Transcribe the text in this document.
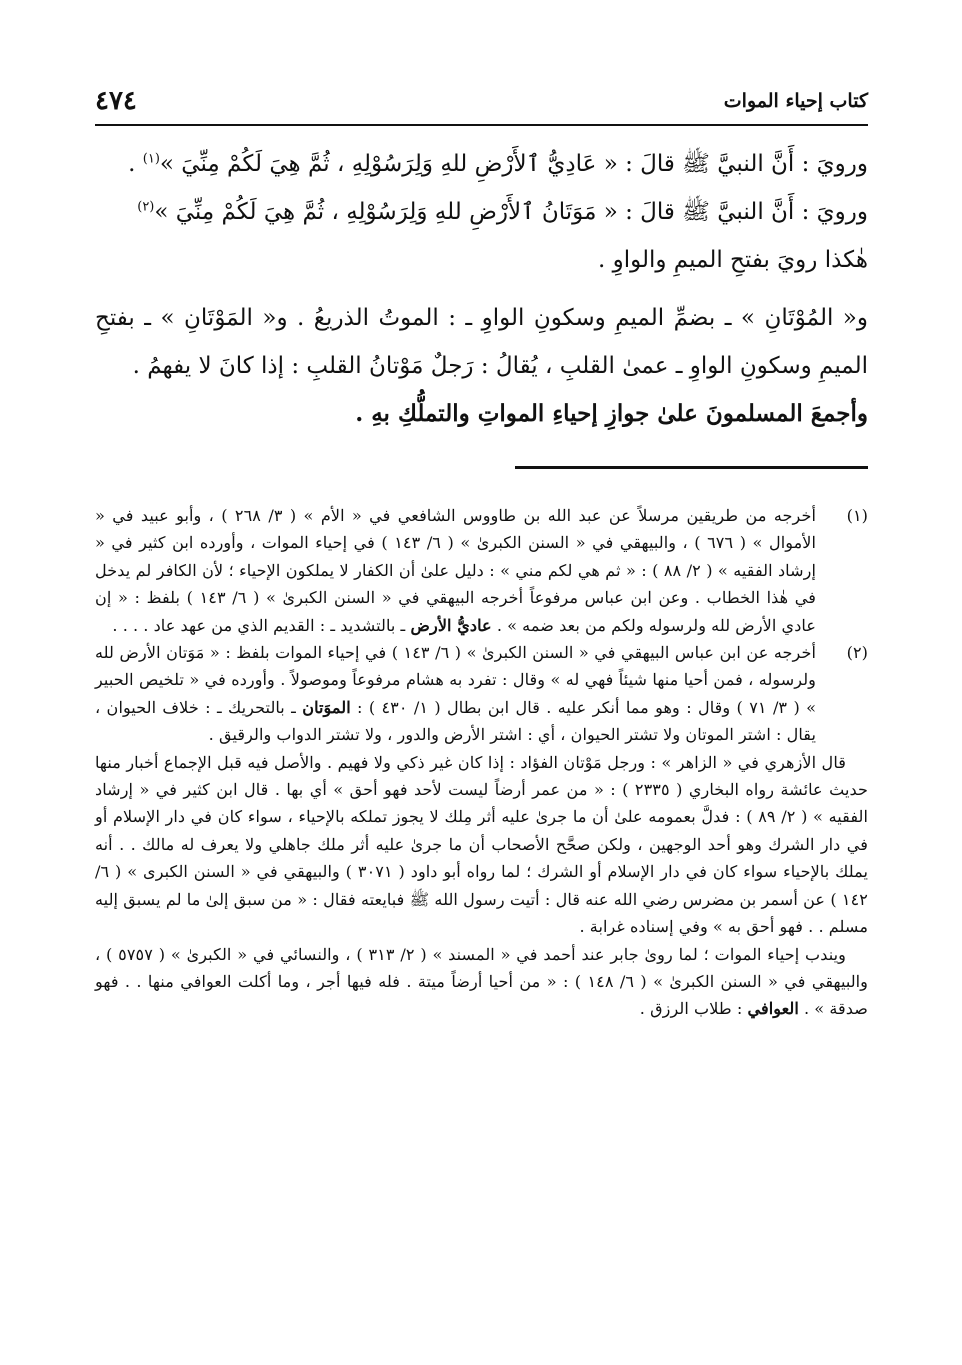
كتاب إحياء الموات
٤٧٤

ورويَ : أَنَّ النبيَّ ﷺ قالَ : « عَادِيُّ ٱلأَرْضِ للهِ وَلِرَسُوْلِهِ ، ثُمَّ هِيَ لَكُمْ مِنِّيَ »$^{(١)}$ .

ورويَ : أَنَّ النبيَّ ﷺ قالَ : « مَوَتَانُ ٱلأَرْضِ للهِ وَلِرَسُوْلِهِ ، ثُمَّ هِيَ لَكُمْ مِنِّيَ »$^{(٢)}$
هٰكذا رويَ بفتحِ الميمِ والواوِ .

و« المُوْتَانِ » ـ بضمِّ الميمِ وسكونِ الواوِ ـ : الموتُ الذريعُ . و« المَوْتَانِ » ـ بفتحِ الميمِ وسكونِ الواوِ ـ عمىٰ القلبِ ، يُقالُ : رَجلٌ مَوْتانُ القلبِ : إذا كانَ لا يفهمُ .

وأجمعَ المسلمونَ علىٰ جوازِ إحياءِ المواتِ والتملُّكِ بهِ .

(١)

أخرجه من طريقين مرسلاً عن عبد الله بن طاووس الشافعي في « الأم » ( ٣/ ٢٦٨ ) ، وأبو عبيد في « الأموال » ( ٦٧٦ ) ، والبيهقي في « السنن الكبرىٰ » ( ٦/ ١٤٣ ) في إحياء الموات ، وأورده ابن كثير في « إرشاد الفقيه » ( ٢/ ٨٨ ) : « ثم هي لكم مني » : دليل علىٰ أن الكفار لا يملكون الإحياء ؛ لأن الكافر لم يدخل في هٰذا الخطاب . وعن ابن عباس مرفوعاً أخرجه البيهقي في « السنن الكبرىٰ » ( ٦/ ١٤٣ ) بلفظ : « إن عادي الأرض لله ولرسوله ولكم من بعد ضمه » . عاديُّ الأرض ـ بالتشديد ـ : القديم الذي من عهد عاد . . . .

(٢)

أخرجه عن ابن عباس البيهقي في « السنن الكبرىٰ » ( ٦/ ١٤٣ ) في إحياء الموات بلفظ : « مَوَتان الأرض لله ولرسوله ، فمن أحيا منها شيئاً فهي له » وقال : تفرد به هشام مرفوعاً وموصولاً . وأورده في « تلخيص الحبير » ( ٣/ ٧١ ) وقال : وهو مما أنكر عليه . قال ابن بطال ( ١/ ٤٣٠ ) : الموَتان ـ بالتحريك ـ : خلاف الحيوان ، يقال : اشتر الموتان ولا تشتر الحيوان ، أي : اشتر الأرض والدور ، ولا تشتر الدواب والرقيق .

قال الأزهري في « الزاهر » : ورجل مَوْتان الفؤاد : إذا كان غير ذكي ولا فهيم . والأصل فيه قبل الإجماع أخبار منها حديث عائشة رواه البخاري ( ٢٣٣٥ ) : « من عمر أرضاً ليست لأحد فهو أحق » أي بها . قال ابن كثير في « إرشاد الفقيه » ( ٢/ ٨٩ ) : فدلَّ بعمومه علىٰ أن ما جرىٰ عليه أثر مِلك لا يجوز تملكه بالإحياء ، سواء كان في دار الإسلام أو في دار الشرك وهو أحد الوجهين ، ولكن صحَّح الأصحاب أن ما جرىٰ عليه أثر ملك جاهلي ولا يعرف له مالك . . أنه يملك بالإحياء سواء كان في دار الإسلام أو الشرك ؛ لما رواه أبو داود ( ٣٠٧١ ) والبيهقي في « السنن الكبرى » ( ٦/ ١٤٢ ) عن أسمر بن مضرس رضي الله عنه قال : أتيت رسول الله ﷺ فبايعته فقال : « من سبق إلىٰ ما لم يسبق إليه مسلم . . فهو أحق به » وفي إسناده غرابة .

ويندب إحياء الموات ؛ لما روىٰ جابر عند أحمد في « المسند » ( ٢/ ٣١٣ ) ، والنسائي في « الكبرىٰ » ( ٥٧٥٧ ) ، والبيهقي في « السنن الكبرىٰ » ( ٦/ ١٤٨ ) : « من أحيا أرضاً ميتة . فله فيها أجر ، وما أكلت العوافي منها . . فهو صدقة » . العوافي : طلاب الرزق .
